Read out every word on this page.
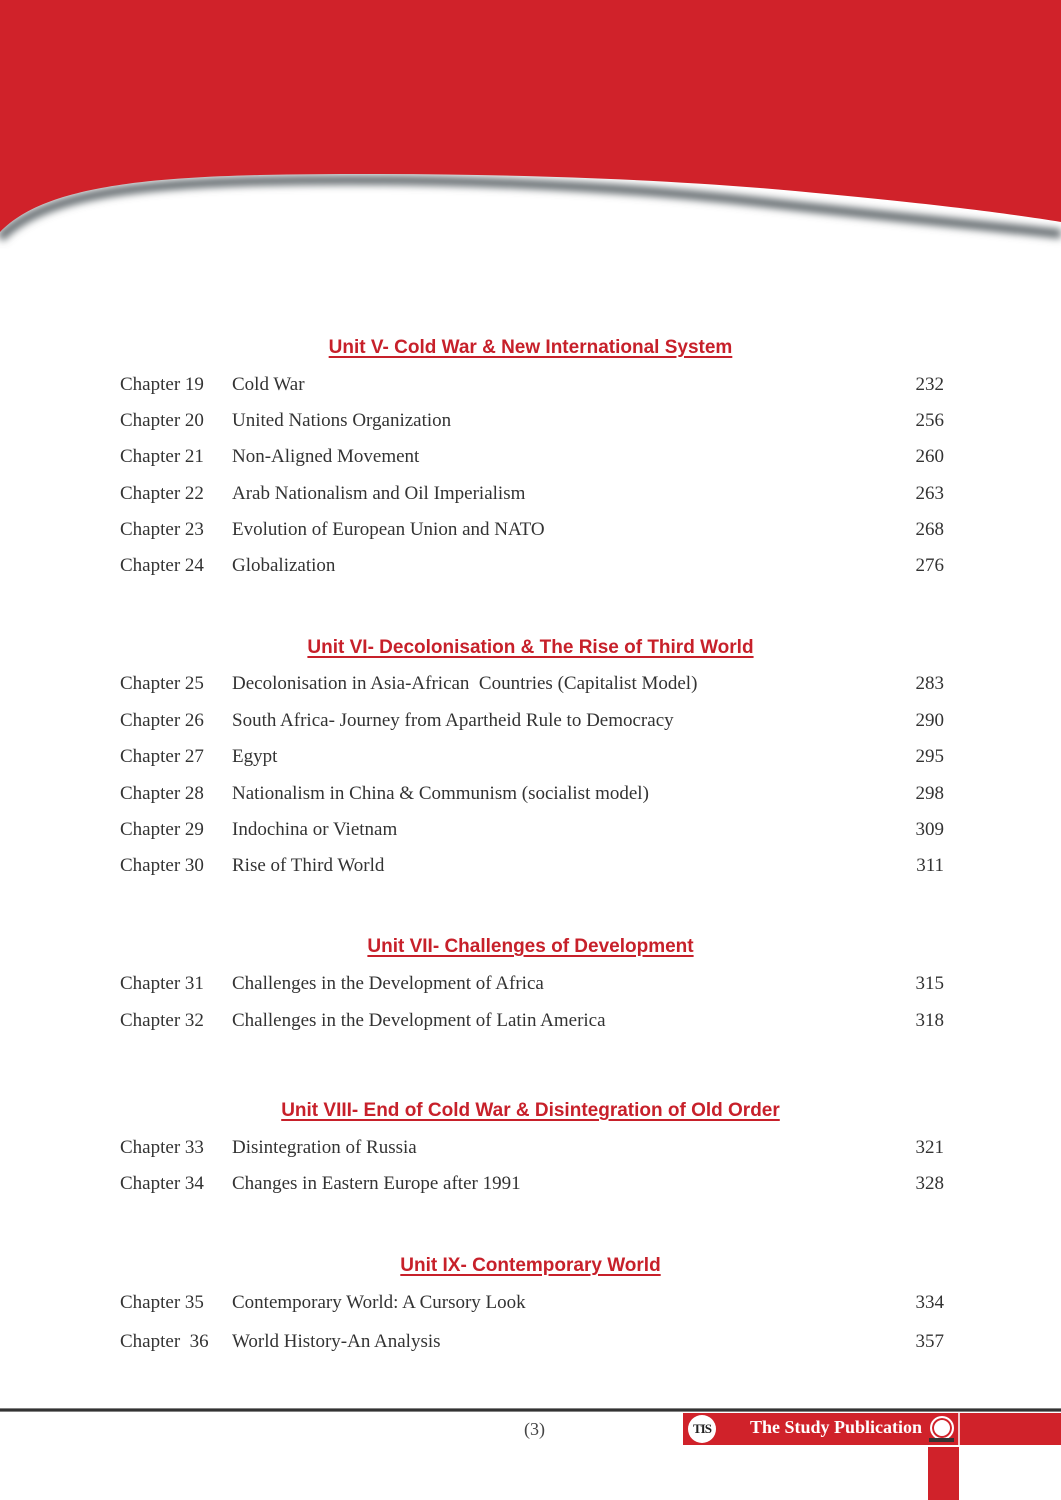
Unit V- Cold War & New International System
Chapter 19 Cold War	232
Chapter 20 United Nations Organization	256
Chapter 21 Non-Aligned Movement	260
Chapter 22 Arab Nationalism and Oil Imperialism	263
Chapter 23 Evolution of European Union and NATO	268
Chapter 24 Globalization	276
Unit VI- Decolonisation & The Rise of Third World
Chapter 25 Decolonisation in Asia-African  Countries (Capitalist Model)	283
Chapter 26 South Africa- Journey from Apartheid Rule to Democracy	290
Chapter 27 Egypt	295
Chapter 28 Nationalism in China & Communism (socialist model)	298
Chapter 29 Indochina or Vietnam	309
Chapter 30 Rise of Third World	311
Unit VII- Challenges of Development
Chapter 31 Challenges in the Development of Africa	315
Chapter 32 Challenges in the Development of Latin America	318
Unit VIII- End of Cold War & Disintegration of Old Order
Chapter 33 Disintegration of Russia	321
Chapter 34 Changes in Eastern Europe after 1991	328
Unit IX- Contemporary World
Chapter 35 Contemporary World: A Cursory Look	334
Chapter  36 World History-An Analysis	357
(3)	TIS The Study Publication
